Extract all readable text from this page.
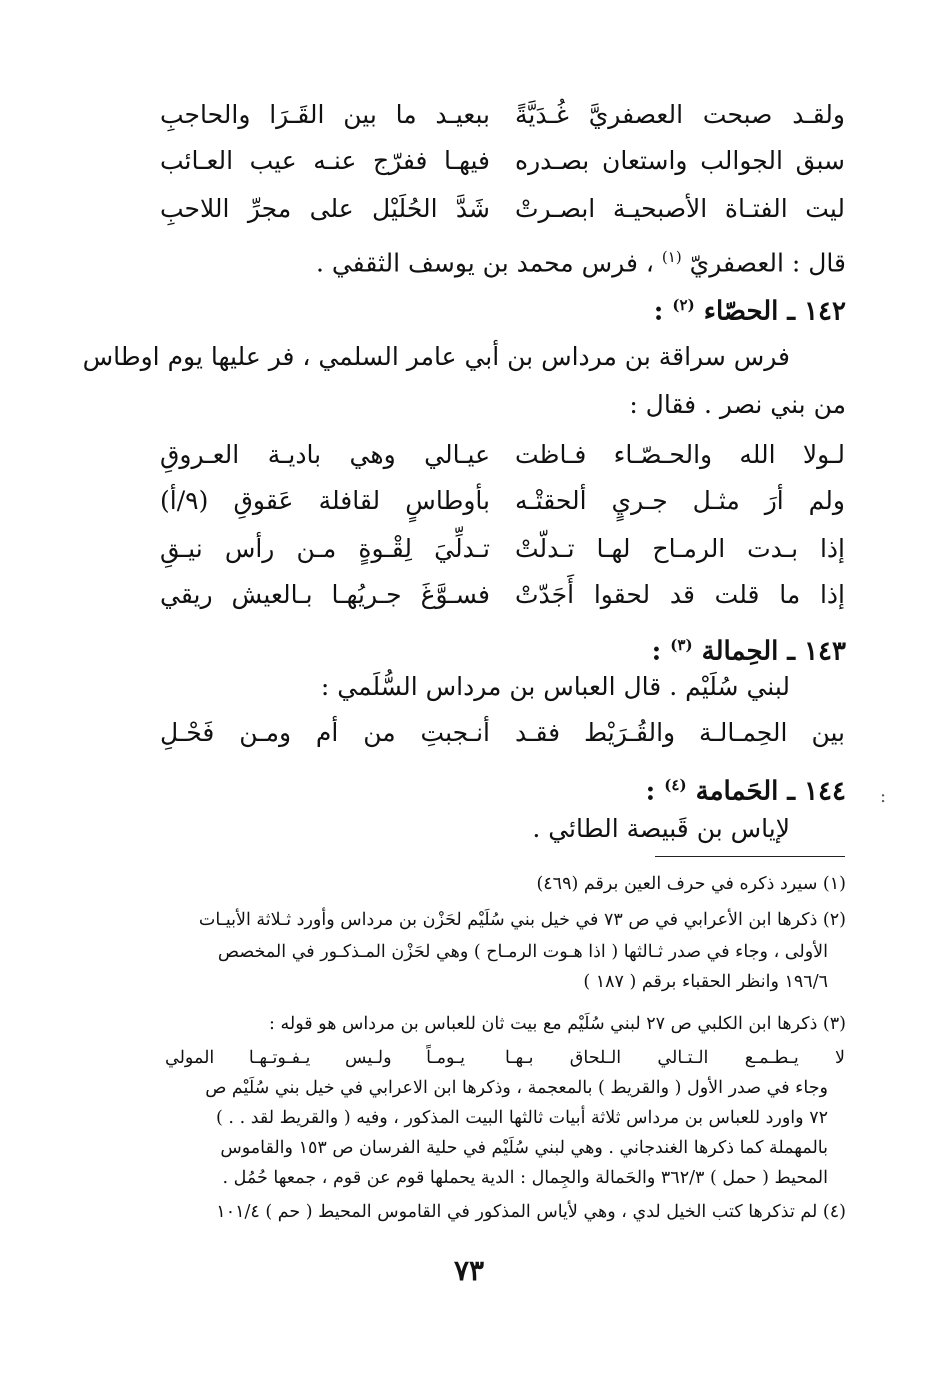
ولقـد صبحت العصفريَّ غُـدَيَّةً
ببعيـد ما بين القَـرَا والحاجبِ
سبق الجوالب واستعان بصـدره
فيهـا ففرّج عنـه عيب العـائب
ليت الفتـاة الأصبحيـة ابصـرتْ
شَدَّ الحُلَيْل على مجرِّ اللاحبِ
قال : العصفريّ $^{(١)}$ ، فرس محمد بن يوسف الثقفي .
١٤٢ ـ الحصّاء $^{(٢)}$ :
فرس سراقة بن مرداس بن أبي عامر السلمي ، فر عليها يوم اوطاس
من بني نصر . فقال :
لـولا الله والحـصّـاء فـاظت
عيـالي وهي باديـة العـروقِ
ولم أرَ مثـل جـريٍ ألحقتْـه
بأوطاسٍ لقافلة عَقوقِ (٩/أ)
إذا بـدت الرمـاح لهـا تـدلّتْ
تـدلِّيَ لِقْـوةٍ مـن رأس نيـقِ
إذا ما قلت قد لحقوا أَجَدّتْ
فسـوَّغَ جـريُهـا بـالعيش ريقي
١٤٣ ـ الحِمالة $^{(٣)}$ :
لبني سُلَيْم . قال العباس بن مرداس السُّلَمي :
بين الحِمـالـة والقُـرَيْط فقـد
أنـجبتِ من أم ومـن فَحْـلِ
١٤٤ ـ الحَمامة $^{(٤)}$ :
لإياس بن قَبيصة الطائي .
:
(١) سيرد ذكره في حرف العين برقم (٤٦٩)
(٢) ذكرها ابن الأعرابي في ص ٧٣ في خيل بني سُلَيْم لحَزْن بن مرداس وأورد ثـلاثة الأبيـات
الأولى ، وجاء في صدر ثـالثها ( اذا هـوت الرمـاح ) وهي لحَزْن المـذكـور في المخصص
١٩٦/٦ وانظر الحقباء برقم ( ١٨٧ )
(٣) ذكرها ابن الكلبي ص ٢٧ لبني سُلَيْم مع بيت ثان للعباس بن مرداس هو قوله :
لا يـطـمـع الـتـالي الـلحاق بـهـا
يـومـاً ولـيس يـفـوتـهـا المولي
وجاء في صدر الأول ( والقريط ) بالمعجمة ، وذكرها ابن الاعرابي في خيل بني سُلَيْم ص
٧٢ واورد للعباس بن مرداس ثلاثة أبيات ثالثها البيت المذكور ، وفيه ( والقريط لقد . . )
بالمهملة كما ذكرها الغندجاني . وهي لبني سُلَيْم في حلية الفرسان ص ١٥٣ والقاموس
المحيط ( حمل ) ٣٦٢/٣ والحَمالة والجِمال : الدية يحملها قوم عن قوم ، جمعها حُمُل .
(٤) لم تذكرها كتب الخيل لدي ، وهي لأياس المذكور في القاموس المحيط ( حم ) ١٠١/٤
٧٣
